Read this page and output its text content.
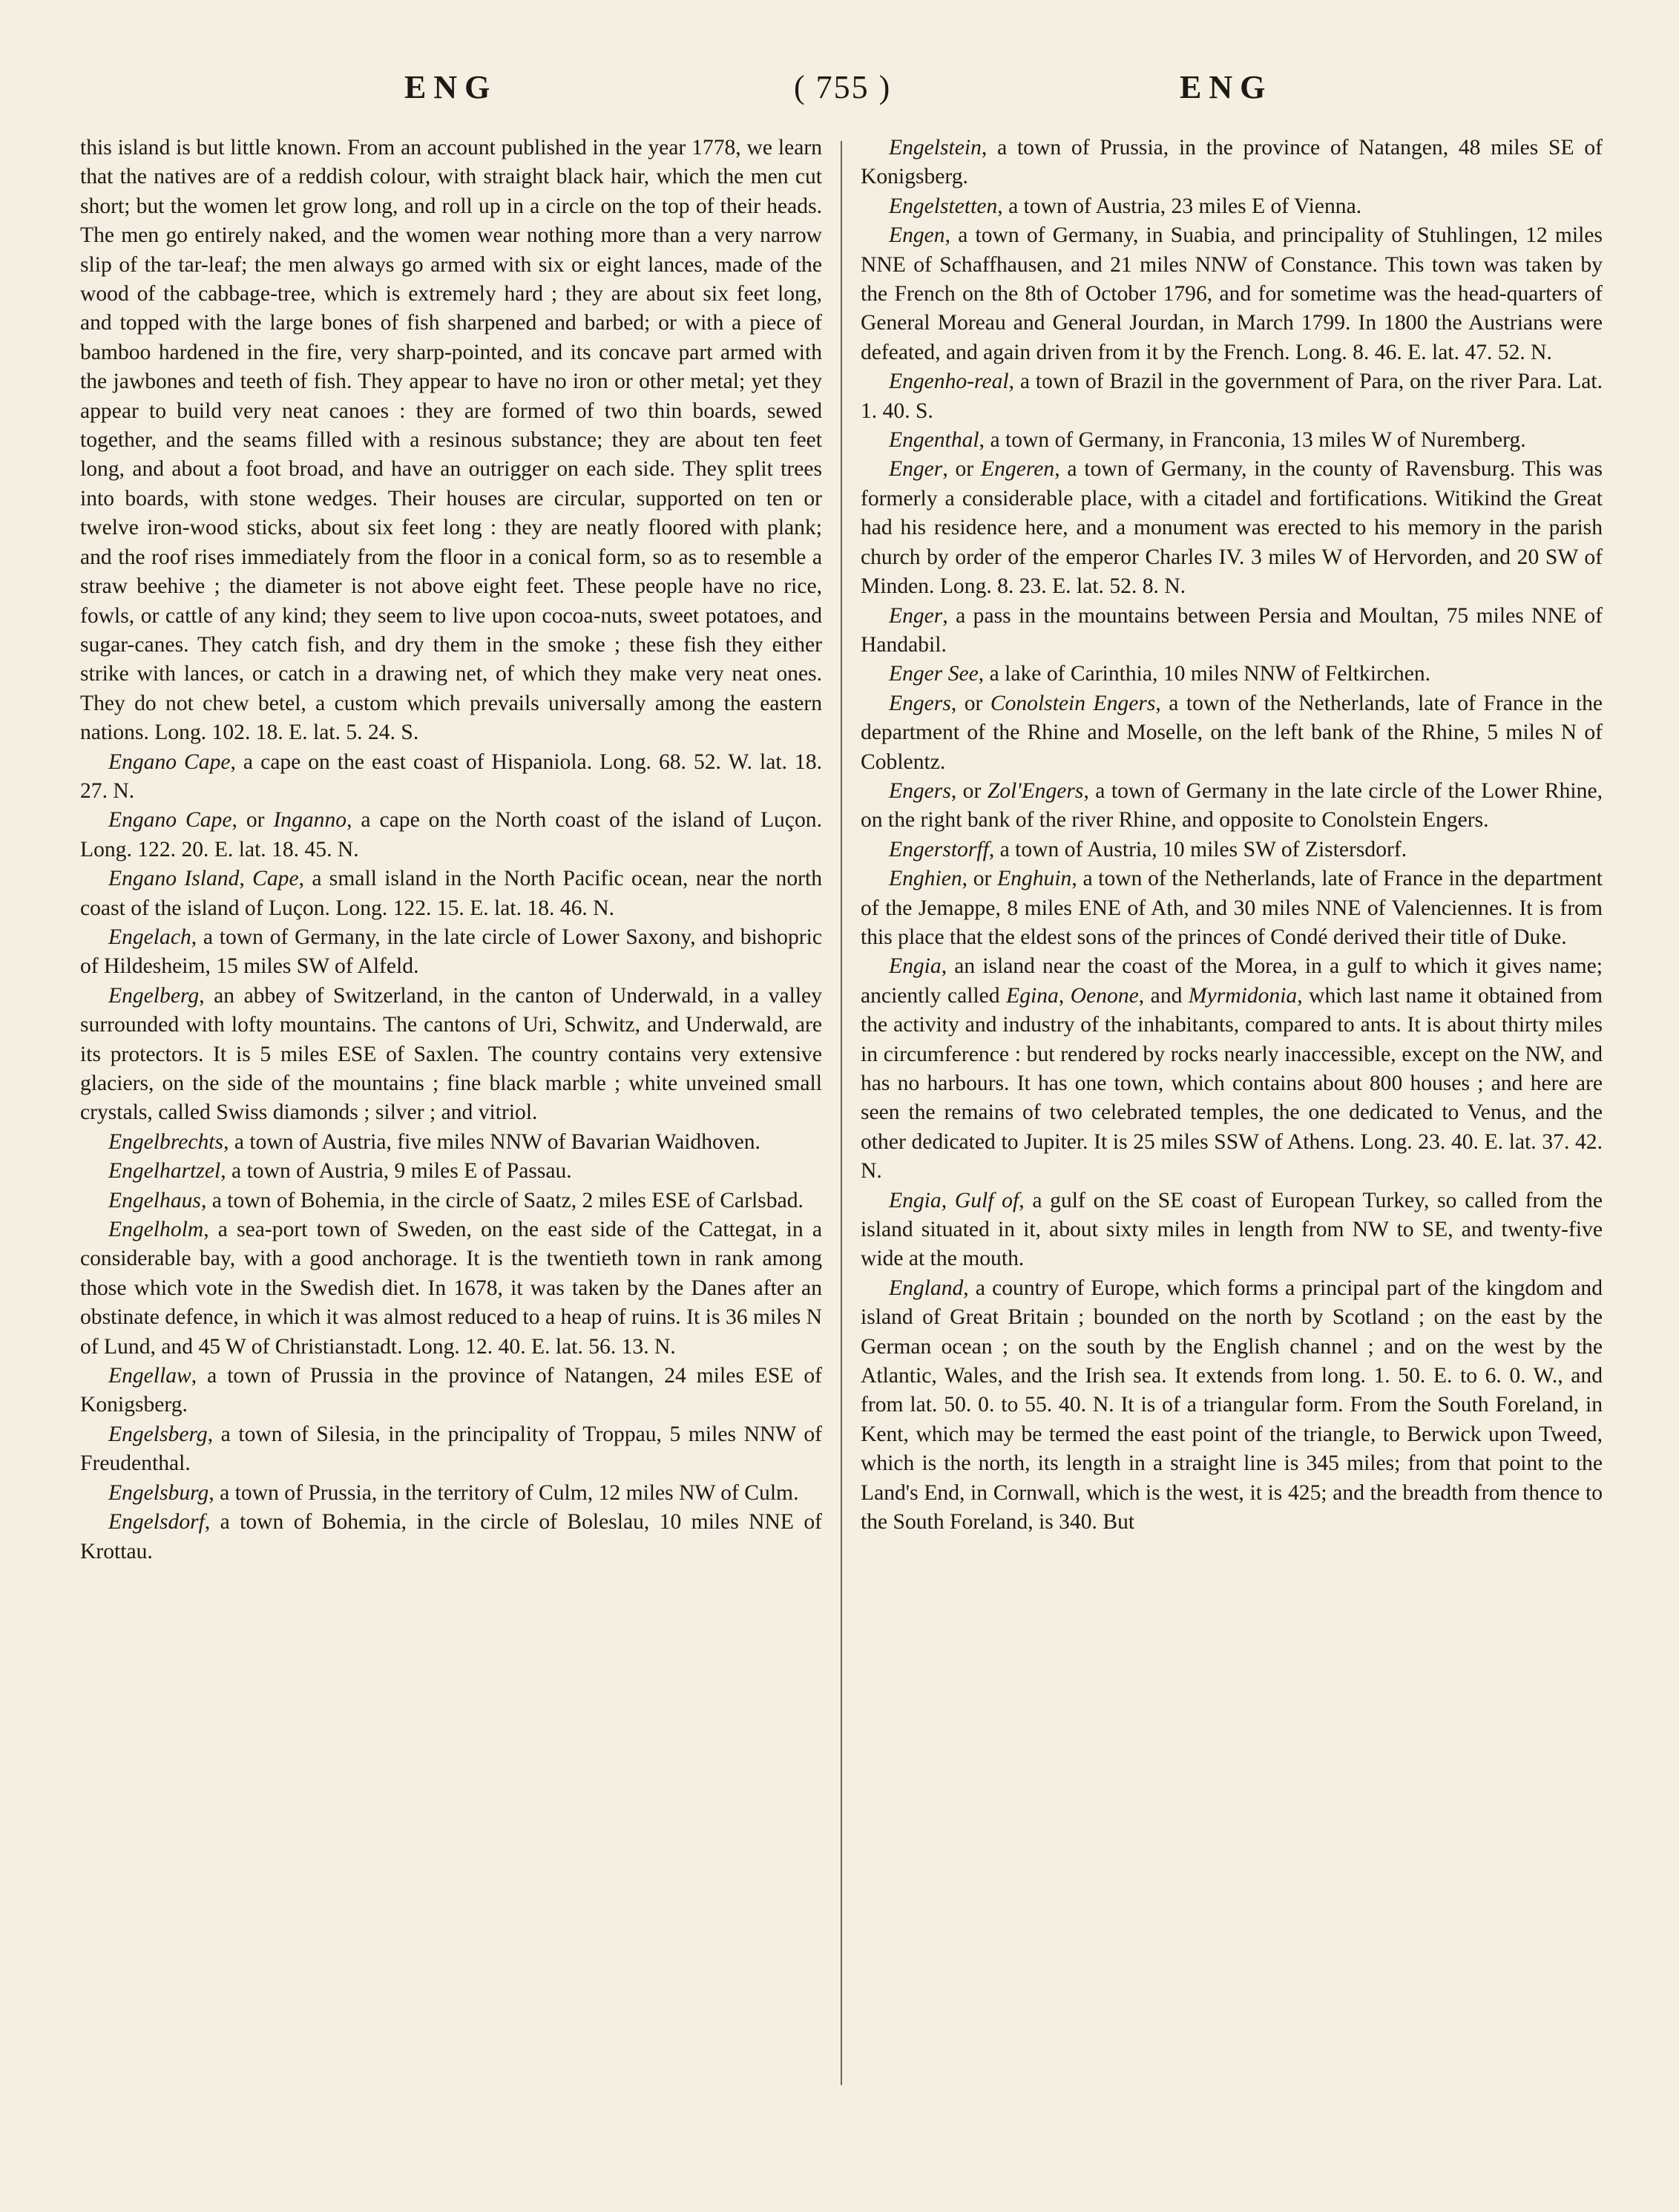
ENG	( 755 )	ENG

this island is but little known. From an account published in the year 1778, we learn that the natives are of a reddish colour, with straight black hair, which the men cut short; but the women let grow long, and roll up in a circle on the top of their heads. The men go entirely naked, and the women wear nothing more than a very narrow slip of the tar-leaf; the men always go armed with six or eight lances, made of the wood of the cabbage-tree, which is extremely hard ; they are about six feet long, and topped with the large bones of fish sharpened and barbed; or with a piece of bamboo hardened in the fire, very sharp-pointed, and its concave part armed with the jawbones and teeth of fish. They appear to have no iron or other metal; yet they appear to build very neat canoes : they are formed of two thin boards, sewed together, and the seams filled with a resinous substance; they are about ten feet long, and about a foot broad, and have an outrigger on each side. They split trees into boards, with stone wedges. Their houses are circular, supported on ten or twelve iron-wood sticks, about six feet long : they are neatly floored with plank; and the roof rises immediately from the floor in a conical form, so as to resemble a straw beehive ; the diameter is not above eight feet. These people have no rice, fowls, or cattle of any kind; they seem to live upon cocoa-nuts, sweet potatoes, and sugar-canes. They catch fish, and dry them in the smoke ; these fish they either strike with lances, or catch in a drawing net, of which they make very neat ones. They do not chew betel, a custom which prevails universally among the eastern nations. Long. 102. 18. E. lat. 5. 24. S.

Engano Cape, a cape on the east coast of Hispaniola. Long. 68. 52. W. lat. 18. 27. N.

Engano Cape, or Inganno, a cape on the North coast of the island of Luçon. Long. 122. 20. E. lat. 18. 45. N.

Engano Island, Cape, a small island in the North Pacific ocean, near the north coast of the island of Luçon. Long. 122. 15. E. lat. 18. 46. N.

Engelach, a town of Germany, in the late circle of Lower Saxony, and bishopric of Hildesheim, 15 miles SW of Alfeld.

Engelberg, an abbey of Switzerland, in the canton of Underwald, in a valley surrounded with lofty mountains. The cantons of Uri, Schwitz, and Underwald, are its protectors. It is 5 miles ESE of Saxlen. The country contains very extensive glaciers, on the side of the mountains ; fine black marble ; white unveined small crystals, called Swiss diamonds ; silver ; and vitriol.

Engelbrechts, a town of Austria, five miles NNW of Bavarian Waidhoven.

Engelhartzel, a town of Austria, 9 miles E of Passau.

Engelhaus, a town of Bohemia, in the circle of Saatz, 2 miles ESE of Carlsbad.

Engelholm, a sea-port town of Sweden, on the east side of the Cattegat, in a considerable bay, with a good anchorage. It is the twentieth town in rank among those which vote in the Swedish diet. In 1678, it was taken by the Danes after an obstinate defence, in which it was almost reduced to a heap of ruins. It is 36 miles N of Lund, and 45 W of Christianstadt. Long. 12. 40. E. lat. 56. 13. N.

Engellaw, a town of Prussia in the province of Natangen, 24 miles ESE of Konigsberg.

Engelsberg, a town of Silesia, in the principality of Troppau, 5 miles NNW of Freudenthal.

Engelsburg, a town of Prussia, in the territory of Culm, 12 miles NW of Culm.

Engelsdorf, a town of Bohemia, in the circle of Boleslau, 10 miles NNE of Krottau.

Engelstein, a town of Prussia, in the province of Natangen, 48 miles SE of Konigsberg.

Engelstetten, a town of Austria, 23 miles E of Vienna.

Engen, a town of Germany, in Suabia, and principality of Stuhlingen, 12 miles NNE of Schaffhausen, and 21 miles NNW of Constance. This town was taken by the French on the 8th of October 1796, and for sometime was the head-quarters of General Moreau and General Jourdan, in March 1799. In 1800 the Austrians were defeated, and again driven from it by the French. Long. 8. 46. E. lat. 47. 52. N.

Engenho-real, a town of Brazil in the government of Para, on the river Para. Lat. 1. 40. S.

Engenthal, a town of Germany, in Franconia, 13 miles W of Nuremberg.

Enger, or Engeren, a town of Germany, in the county of Ravensburg. This was formerly a considerable place, with a citadel and fortifications. Witikind the Great had his residence here, and a monument was erected to his memory in the parish church by order of the emperor Charles IV. 3 miles W of Hervorden, and 20 SW of Minden. Long. 8. 23. E. lat. 52. 8. N.

Enger, a pass in the mountains between Persia and Moultan, 75 miles NNE of Handabil.

Enger See, a lake of Carinthia, 10 miles NNW of Feltkirchen.

Engers, or Conolstein Engers, a town of the Netherlands, late of France in the department of the Rhine and Moselle, on the left bank of the Rhine, 5 miles N of Coblentz.

Engers, or Zol'Engers, a town of Germany in the late circle of the Lower Rhine, on the right bank of the river Rhine, and opposite to Conolstein Engers.

Engerstorff, a town of Austria, 10 miles SW of Zistersdorf.

Enghien, or Enghuin, a town of the Netherlands, late of France in the department of the Jemappe, 8 miles ENE of Ath, and 30 miles NNE of Valenciennes. It is from this place that the eldest sons of the princes of Condé derived their title of Duke.

Engia, an island near the coast of the Morea, in a gulf to which it gives name; anciently called Egina, Oenone, and Myrmidonia, which last name it obtained from the activity and industry of the inhabitants, compared to ants. It is about thirty miles in circumference : but rendered by rocks nearly inaccessible, except on the NW, and has no harbours. It has one town, which contains about 800 houses ; and here are seen the remains of two celebrated temples, the one dedicated to Venus, and the other dedicated to Jupiter. It is 25 miles SSW of Athens. Long. 23. 40. E. lat. 37. 42. N.

Engia, Gulf of, a gulf on the SE coast of European Turkey, so called from the island situated in it, about sixty miles in length from NW to SE, and twenty-five wide at the mouth.

England, a country of Europe, which forms a principal part of the kingdom and island of Great Britain ; bounded on the north by Scotland ; on the east by the German ocean ; on the south by the English channel ; and on the west by the Atlantic, Wales, and the Irish sea. It extends from long. 1. 50. E. to 6. 0. W., and from lat. 50. 0. to 55. 40. N. It is of a triangular form. From the South Foreland, in Kent, which may be termed the east point of the triangle, to Berwick upon Tweed, which is the north, its length in a straight line is 345 miles; from that point to the Land's End, in Cornwall, which is the west, it is 425; and the breadth from thence to the South Foreland, is 340. But
